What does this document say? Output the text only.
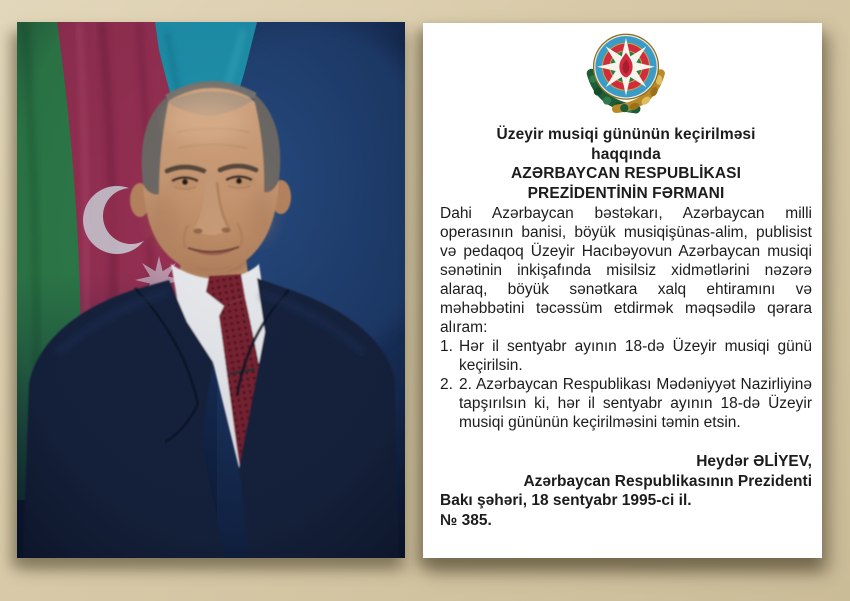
Üzeyir musiqi gününün keçirilməsi
haqqında
AZƏRBAYCAN RESPUBLİKASI
PREZİDENTİNİN FƏRMANI
Dahi Azərbaycan bəstəkarı, Azərbaycan milli operasının banisi, böyük musiqişünas-alim, publisist və pedaqoq Üzeyir Hacıbəyovun Azərbaycan musiqi sənətinin inkişafında misilsiz xidmətlərini nəzərə alaraq, böyük sənətkara xalq ehtiramını və məhəbbətini təcəssüm etdirmək məqsədilə qərara alıram:
1. Hər il sentyabr ayının 18-də Üzeyir musiqi günü keçirilsin.
2. 2. Azərbaycan Respublikası Mədəniyyət Nazirliyinə tapşırılsın ki, hər il sentyabr ayının 18-də Üzeyir musiqi gününün keçirilməsini təmin etsin.
Heydər ƏLİYEV,
Azərbaycan Respublikasının Prezidenti
Bakı şəhəri, 18 sentyabr 1995-ci il.
№ 385.
